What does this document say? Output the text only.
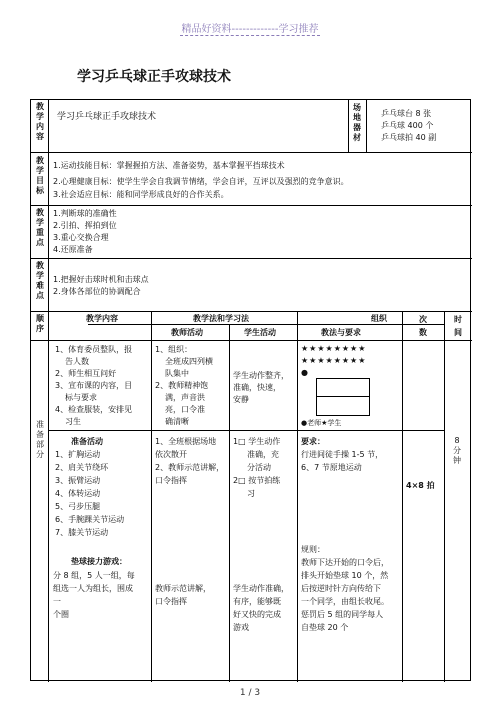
精品好资料-------------学习推荐
学习乒乓球正手攻球技术
教学内容
教学目标
教学重点
教学难点
顺序
准备部分
学习乒乓球正手攻球技术
场地器材
乒乓球台 8 张
乒乓球 400 个
乒乓球拍 40 副
1.运动技能目标：掌握握拍方法、准备姿势，基本掌握平挡球技术
2.心理健康目标：使学生学会自我调节情绪，学会自评，互评以及强烈的竞争意识。
3.社会适应目标：能和同学形成良好的合作关系。
1.判断球的准确性
2.引拍、挥拍到位
3.重心交换合理
4.还原准备
1.把握好击球时机和击球点
2.身体各部位的协调配合
教学内容	教学法和学习法
教师活动	学生活动
组织
教法与要求
次数
时间
1、体育委员整队，报
告人数
2、师生相互问好
3、宣布课的内容，目
标与要求
4、检查服装，安排见
习生
1、组织：
全班成四列横
队集中
2、教师精神饱
满，声音洪
亮，口令准
确清晰
学生动作整齐，
准确，快速，
安静
★★★★★★★★
★★★★★★★★
●
●老师★学生
准备活动
1、扩胸运动
2、肩关节绕环
3、振臂运动
4、体转运动
5、弓步压腿
6、手腕踝关节运动
7、膝关节运动
垫球接力游戏：
分 8 组，5 人一组，每
组选一人为组长，围成
一
个圈
1、全班根据场地
依次散开
2、教师示范讲解，
口令指挥
教师示范讲解，
口令指挥
1□ 学生动作
准确，充
分活动
2□ 按节拍练
习
学生动作准确，
有序，能够既
好又快的完成
游戏
要求：
行进间徒手操 1-5 节，
6、7 节原地运动
规则：
教师下达开始的口令后，
排头开始垫球 10 个，然
后按逆时针方向传给下
一个同学，由组长收尾。
惩罚后 5 组的同学每人
自垫球 20 个
4×8 拍
8分钟
1 / 3
